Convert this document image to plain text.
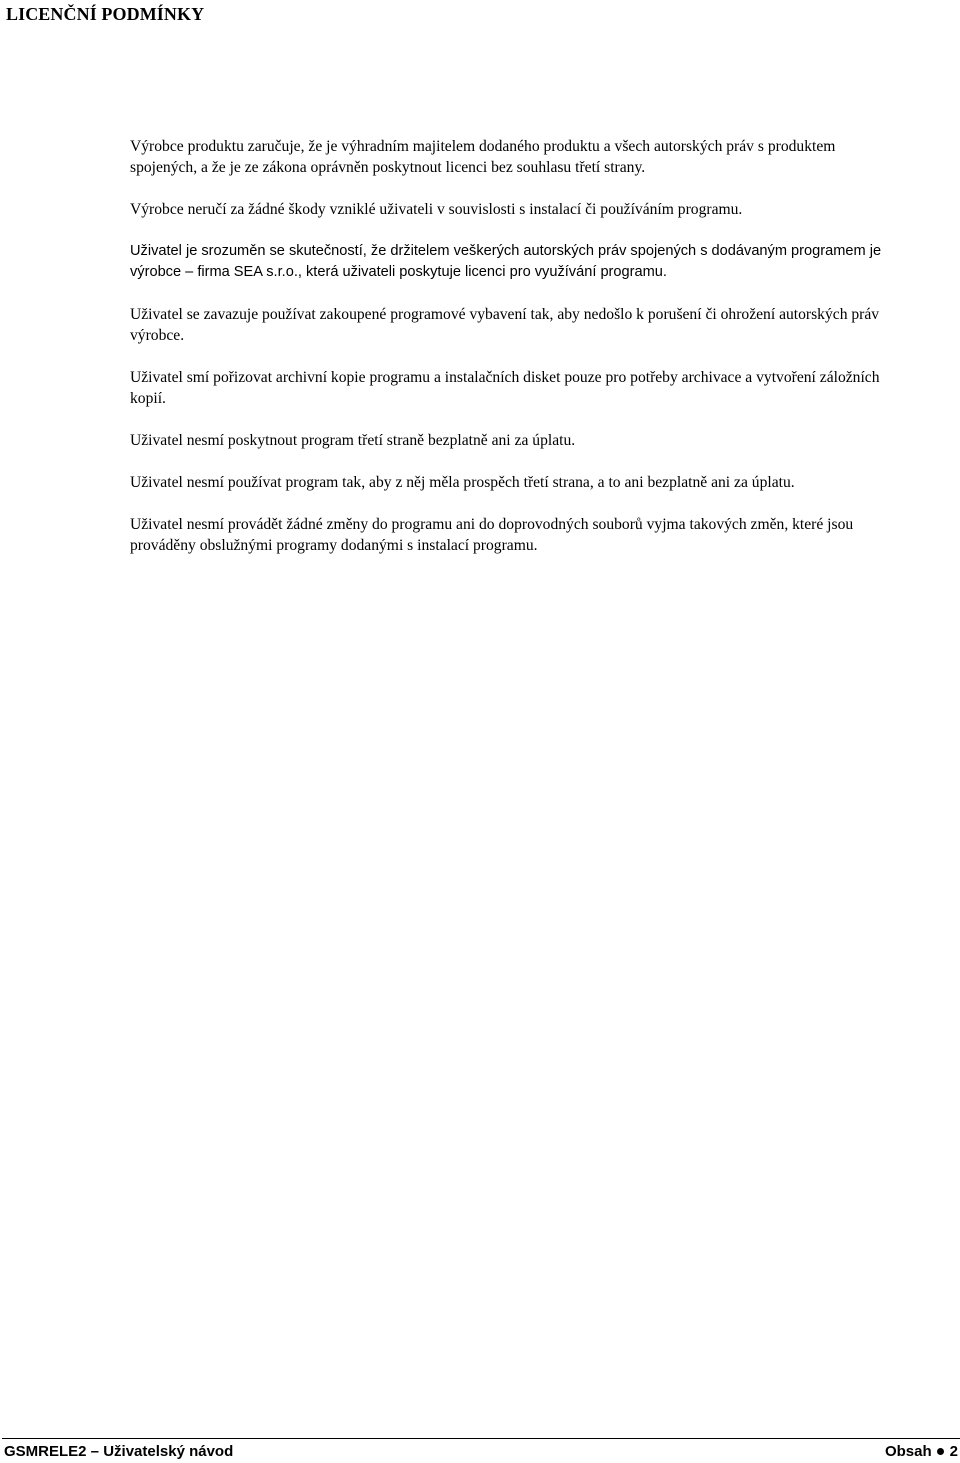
LICENČNÍ PODMÍNKY

Výrobce produktu zaručuje, že je výhradním majitelem dodaného produktu a všech autorských práv s produktem spojených, a že je ze zákona oprávněn poskytnout licenci bez souhlasu třetí strany.

Výrobce neručí za žádné škody vzniklé uživateli v souvislosti s instalací či používáním programu.

Uživatel je srozuměn se skutečností, že držitelem veškerých autorských práv spojených s dodávaným programem je výrobce – firma SEA s.r.o., která uživateli poskytuje licenci pro využívání programu.

Uživatel se zavazuje používat zakoupené programové vybavení tak, aby nedošlo k porušení či ohrožení autorských práv výrobce.

Uživatel smí pořizovat archivní kopie programu a instalačních disket pouze pro potřeby archivace a vytvoření záložních kopií.

Uživatel nesmí poskytnout program třetí straně bezplatně ani za úplatu.

Uživatel nesmí používat program tak, aby z něj měla prospěch třetí strana, a to ani bezplatně ani za úplatu.

Uživatel nesmí provádět žádné změny do programu ani do doprovodných souborů vyjma takových změn, které jsou prováděny obslužnými programy dodanými s instalací programu.

GSMRELE2 – Uživatelský návod	Obsah 2
